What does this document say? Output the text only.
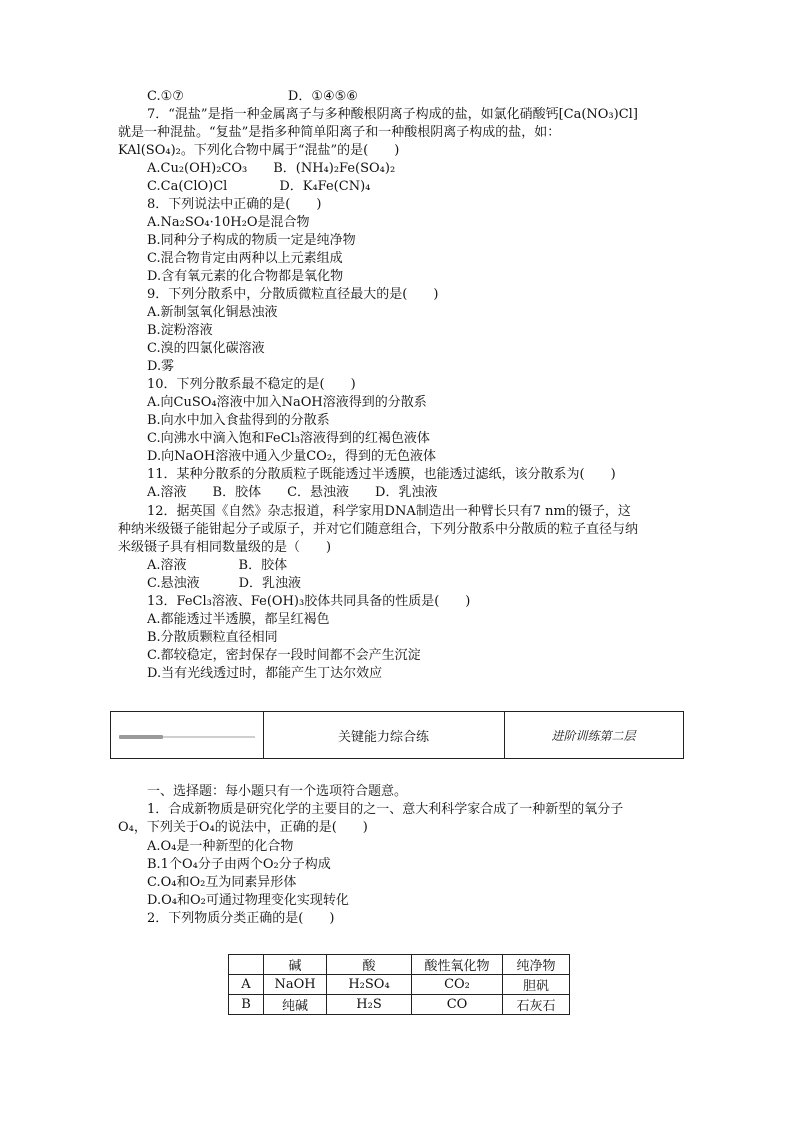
关键能力综合练	进阶训练第二层
	碱	酸	酸性氧化物	纯净物
A	NaOH	H₂SO₄	CO₂	胆矾
B	纯碱	H₂S	CO	石灰石
C.①⑦　　　　　　　　D．①④⑤⑥
7．“混盐”是指一种金属离子与多种酸根阴离子构成的盐，如氯化硝酸钙[Ca(NO₃)Cl]
就是一种混盐。“复盐”是指多种简单阳离子和一种酸根阴离子构成的盐，如：
KAl(SO₄)₂。下列化合物中属于“混盐”的是(　　)
A.Cu₂(OH)₂CO₃　　B．(NH₄)₂Fe(SO₄)₂
C.Ca(ClO)Cl　　　　D．K₄Fe(CN)₄
8．下列说法中正确的是(　　)
A.Na₂SO₄·10H₂O是混合物
B.同种分子构成的物质一定是纯净物
C.混合物肯定由两种以上元素组成
D.含有氧元素的化合物都是氧化物
9．下列分散系中，分散质微粒直径最大的是(　　)
A.新制氢氧化铜悬浊液
B.淀粉溶液
C.溴的四氯化碳溶液
D.雾
10．下列分散系最不稳定的是(　　)
A.向CuSO₄溶液中加入NaOH溶液得到的分散系
B.向水中加入食盐得到的分散系
C.向沸水中滴入饱和FeCl₃溶液得到的红褐色液体
D.向NaOH溶液中通入少量CO₂，得到的无色液体
11．某种分散系的分散质粒子既能透过半透膜，也能透过滤纸，该分散系为(　　)
A.溶液　　B．胶体　　C．悬浊液　　D．乳浊液
12．据英国《自然》杂志报道，科学家用DNA制造出一种臂长只有7 nm的镊子，这
种纳米级镊子能钳起分子或原子，并对它们随意组合，下列分散系中分散质的粒子直径与纳
米级镊子具有相同数量级的是（　　)
A.溶液　　　　B．胶体
C.悬浊液　　　D．乳浊液
13．FeCl₃溶液、Fe(OH)₃胶体共同具备的性质是(　　)
A.都能透过半透膜，都呈红褐色
B.分散质颗粒直径相同
C.都较稳定，密封保存一段时间都不会产生沉淀
D.当有光线透过时，都能产生丁达尔效应
一、选择题：每小题只有一个选项符合题意。
1．合成新物质是研究化学的主要目的之一、意大利科学家合成了一种新型的氧分子
O₄，下列关于O₄的说法中，正确的是(　　)
A.O₄是一种新型的化合物
B.1个O₄分子由两个O₂分子构成
C.O₄和O₂互为同素异形体
D.O₄和O₂可通过物理变化实现转化
2．下列物质分类正确的是(　　)
